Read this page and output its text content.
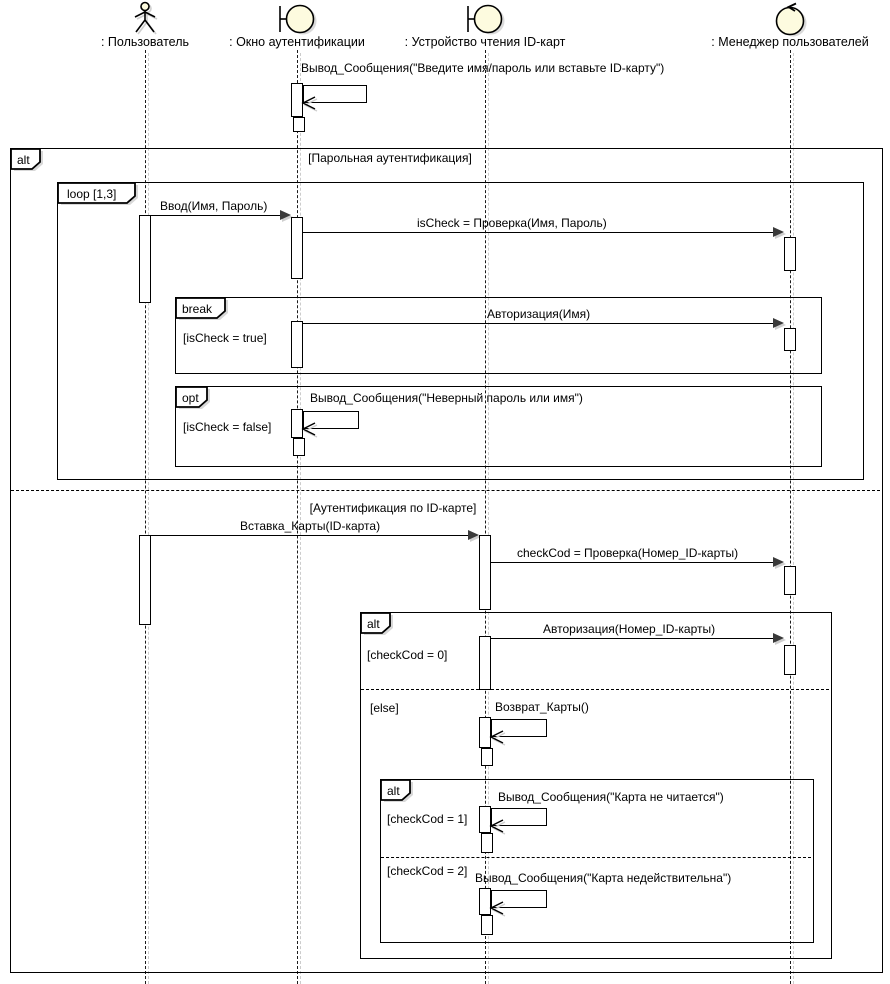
alt	[Парольная аутентификация]
[Аутентификация по ID-карте]
loop [1,3]
break
[isCheck = true]
opt
[isCheck = false]
alt
[checkCod = 0]
[else]
alt
[checkCod = 1]
[checkCod = 2]
Ввод(Имя, Пароль)
isCheck = Проверка(Имя, Пароль)
Авторизация(Имя)
Вставка_Карты(ID-карта)
checkCod = Проверка(Номер_ID-карты)
Авторизация(Номер_ID-карты)
Вывод_Сообщения("Введите имя/пароль или вставьте ID-карту")
Вывод_Сообщения("Неверный пароль или имя")
Возврат_Карты()
Вывод_Сообщения("Карта не читается")
Вывод_Сообщения("Карта недействительна")
: Пользователь	: Окно аутентификации	: Устройство чтения ID-карт	: Менеджер пользователей
